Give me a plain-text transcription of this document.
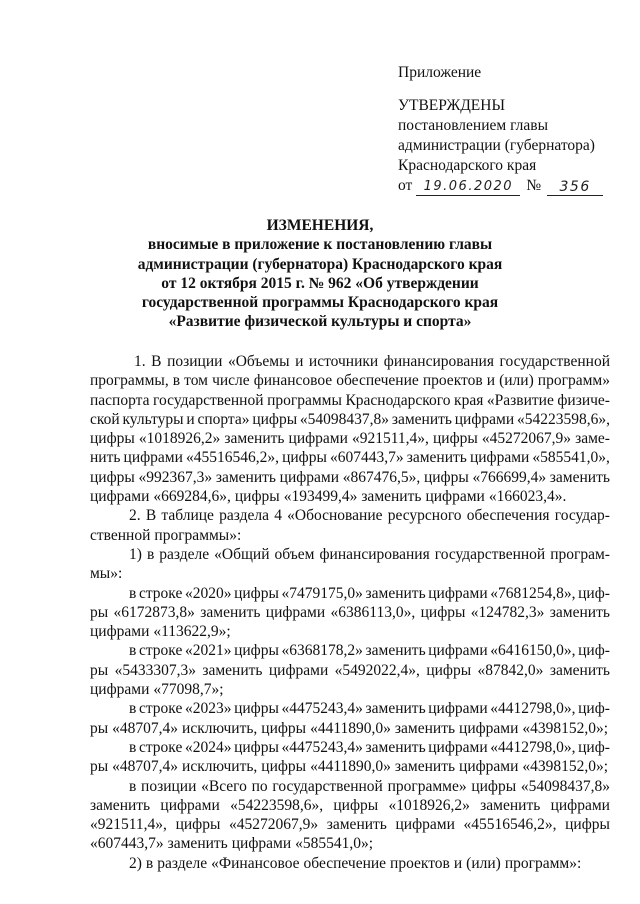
Приложение
УТВЕРЖДЕНЫ
постановлением главы
администрации (губернатора)
Краснодарского края
от 19.06.2020 №	356
ИЗМЕНЕНИЯ,
вносимые в приложение к постановлению главы
администрации (губернатора) Краснодарского края
от 12 октября 2015 г. № 962 «Об утверждении
государственной программы Краснодарского края
«Развитие физической культуры и спорта»
1. В позиции «Объемы и источники финансирования государственной
программы, в том числе финансовое обеспечение проектов и (или) программ»
паспорта государственной программы Краснодарского края «Развитие физиче-
ской культуры и спорта» цифры «54098437,8» заменить цифрами «54223598,6»,
цифры «1018926,2» заменить цифрами «921511,4», цифры «45272067,9» заме-
нить цифрами «45516546,2», цифры «607443,7» заменить цифрами «585541,0»,
цифры «992367,3» заменить цифрами «867476,5», цифры «766699,4» заменить
цифрами «669284,6», цифры «193499,4» заменить цифрами «166023,4».
2. В таблице раздела 4 «Обоснование ресурсного обеспечения государ-
ственной программы»:
1) в разделе «Общий объем финансирования государственной програм-
мы»:
в строке «2020» цифры «7479175,0» заменить цифрами «7681254,8», циф-
ры «6172873,8» заменить цифрами «6386113,0», цифры «124782,3» заменить
цифрами «113622,9»;
в строке «2021» цифры «6368178,2» заменить цифрами «6416150,0», циф-
ры «5433307,3» заменить цифрами «5492022,4», цифры «87842,0» заменить
цифрами «77098,7»;
в строке «2023» цифры «4475243,4» заменить цифрами «4412798,0», циф-
ры «48707,4» исключить, цифры «4411890,0» заменить цифрами «4398152,0»;
в строке «2024» цифры «4475243,4» заменить цифрами «4412798,0», циф-
ры «48707,4» исключить, цифры «4411890,0» заменить цифрами «4398152,0»;
в позиции «Всего по государственной программе» цифры «54098437,8»
заменить цифрами «54223598,6», цифры «1018926,2» заменить цифрами
«921511,4», цифры «45272067,9» заменить цифрами «45516546,2», цифры
«607443,7» заменить цифрами «585541,0»;
2) в разделе «Финансовое обеспечение проектов и (или) программ»:
